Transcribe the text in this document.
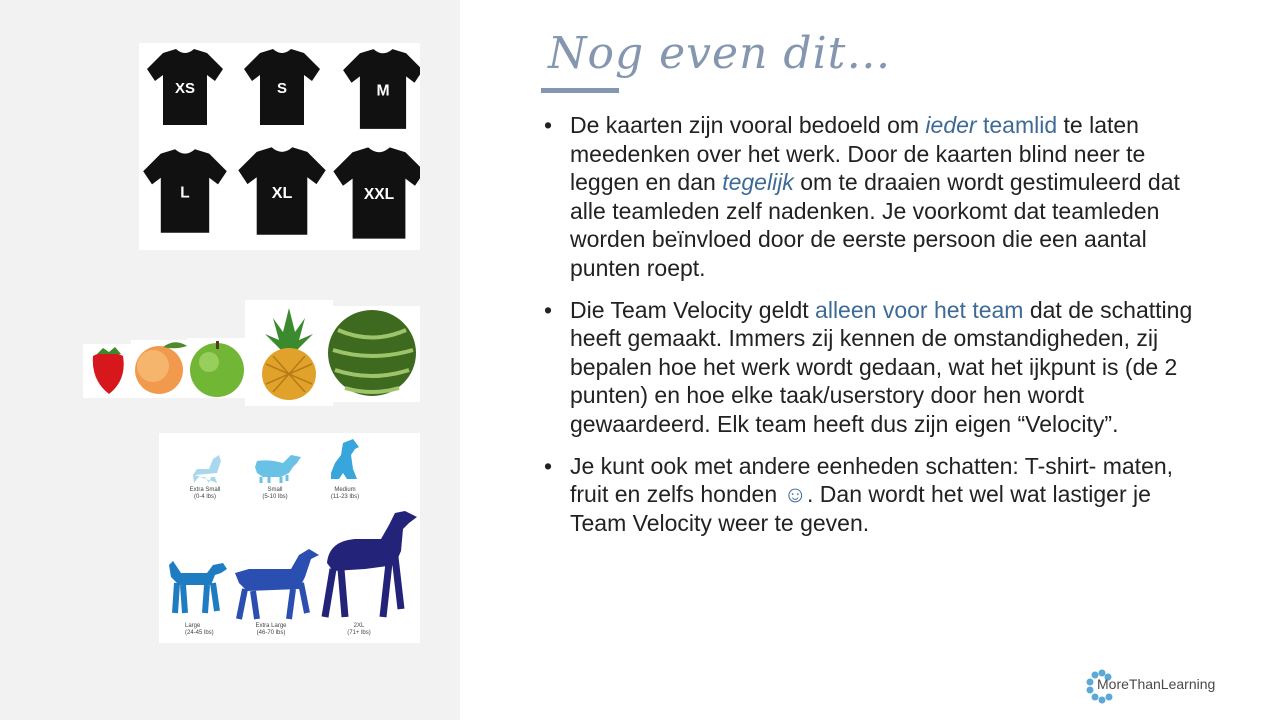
XS	S	M
L	XL	XXL
Extra Small
(0-4 lbs)
Small
(5-10 lbs)
Medium
(11-23 lbs)
Large
(24-45 lbs)
Extra Large
(46-70 lbs)
2XL
(71+ lbs)
Nog even dit…
• De kaarten zijn vooral bedoeld om ieder teamlid te laten meedenken over het werk. Door de kaarten blind neer te leggen en dan tegelijk om te draaien wordt gestimuleerd dat alle teamleden zelf nadenken. Je voorkomt dat teamleden worden beïnvloed door de eerste persoon die een aantal punten roept.
• Die Team Velocity geldt alleen voor het team dat de schatting heeft gemaakt. Immers zij kennen de omstandigheden, zij bepalen hoe het werk wordt gedaan, wat het ijkpunt is (de 2 punten) en hoe elke taak/userstory door hen wordt gewaardeerd. Elk team heeft dus zijn eigen “Velocity”.
• Je kunt ook met andere eenheden schatten: T-shirt- maten, fruit en zelfs honden ☺. Dan wordt het wel wat lastiger je Team Velocity weer te geven.
MoreThanLearning
